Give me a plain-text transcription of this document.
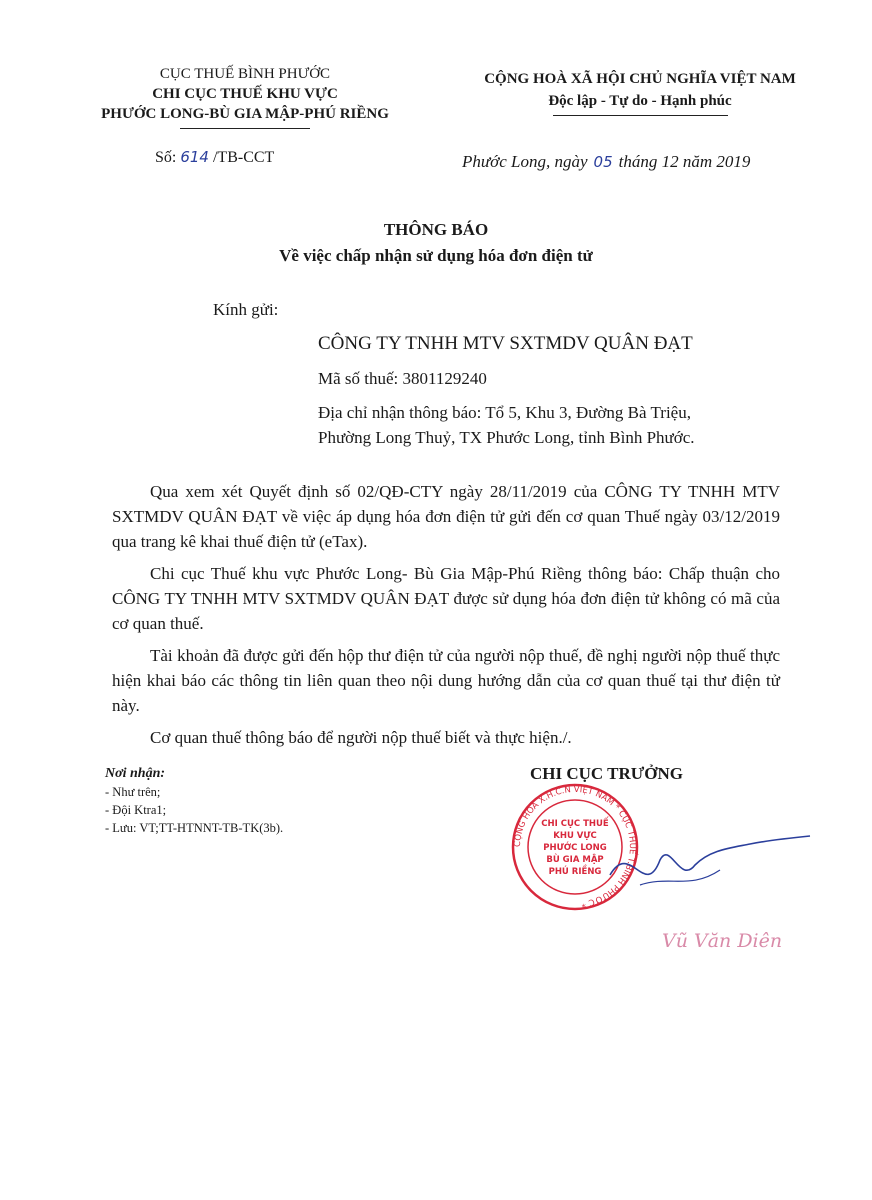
CỤC THUẾ BÌNH PHƯỚC
CHI CỤC THUẾ KHU VỰC
PHƯỚC LONG-BÙ GIA MẬP-PHÚ RIỀNG
CỘNG HOÀ XÃ HỘI CHỦ NGHĨA VIỆT NAM
Độc lập - Tự do - Hạnh phúc
Số: 614 /TB-CCT	Phước Long, ngày 05 tháng 12 năm 2019
THÔNG BÁO
Về việc chấp nhận sử dụng hóa đơn điện tử
Kính gửi:
CÔNG TY TNHH MTV SXTMDV QUÂN ĐẠT
Mã số thuế: 3801129240
Địa chỉ nhận thông báo: Tổ 5, Khu 3, Đường Bà Triệu,
Phường Long Thuỷ, TX Phước Long, tỉnh Bình Phước.

Qua xem xét Quyết định số 02/QĐ-CTY ngày 28/11/2019 của CÔNG TY TNHH MTV SXTMDV QUÂN ĐẠT về việc áp dụng hóa đơn điện tử gửi đến cơ quan Thuế ngày 03/12/2019 qua trang kê khai thuế điện tử (eTax).

Chi cục Thuế khu vực Phước Long- Bù Gia Mập-Phú Riềng thông báo: Chấp thuận cho CÔNG TY TNHH MTV SXTMDV QUÂN ĐẠT được sử dụng hóa đơn điện tử không có mã của cơ quan thuế.

Tài khoản đã được gửi đến hộp thư điện tử của người nộp thuế, đề nghị người nộp thuế thực hiện khai báo các thông tin liên quan theo nội dung hướng dẫn của cơ quan thuế tại thư điện tử này.

Cơ quan thuế thông báo để người nộp thuế biết và thực hiện./.

Nơi nhận:
- Như trên;
- Đội Ktra1;
- Lưu: VT;TT-HTNNT-TB-TK(3b).
CHI CỤC TRƯỞNG
CỘNG HOÀ X.H.C.N VIỆT NAM * CỤC THUẾ T.BÌNH PHƯỚC *
CHI CỤC THUẾ
KHU VỰC
PHƯỚC LONG
BÙ GIA MẬP
PHÚ RIỀNG
Vũ Văn Diên
